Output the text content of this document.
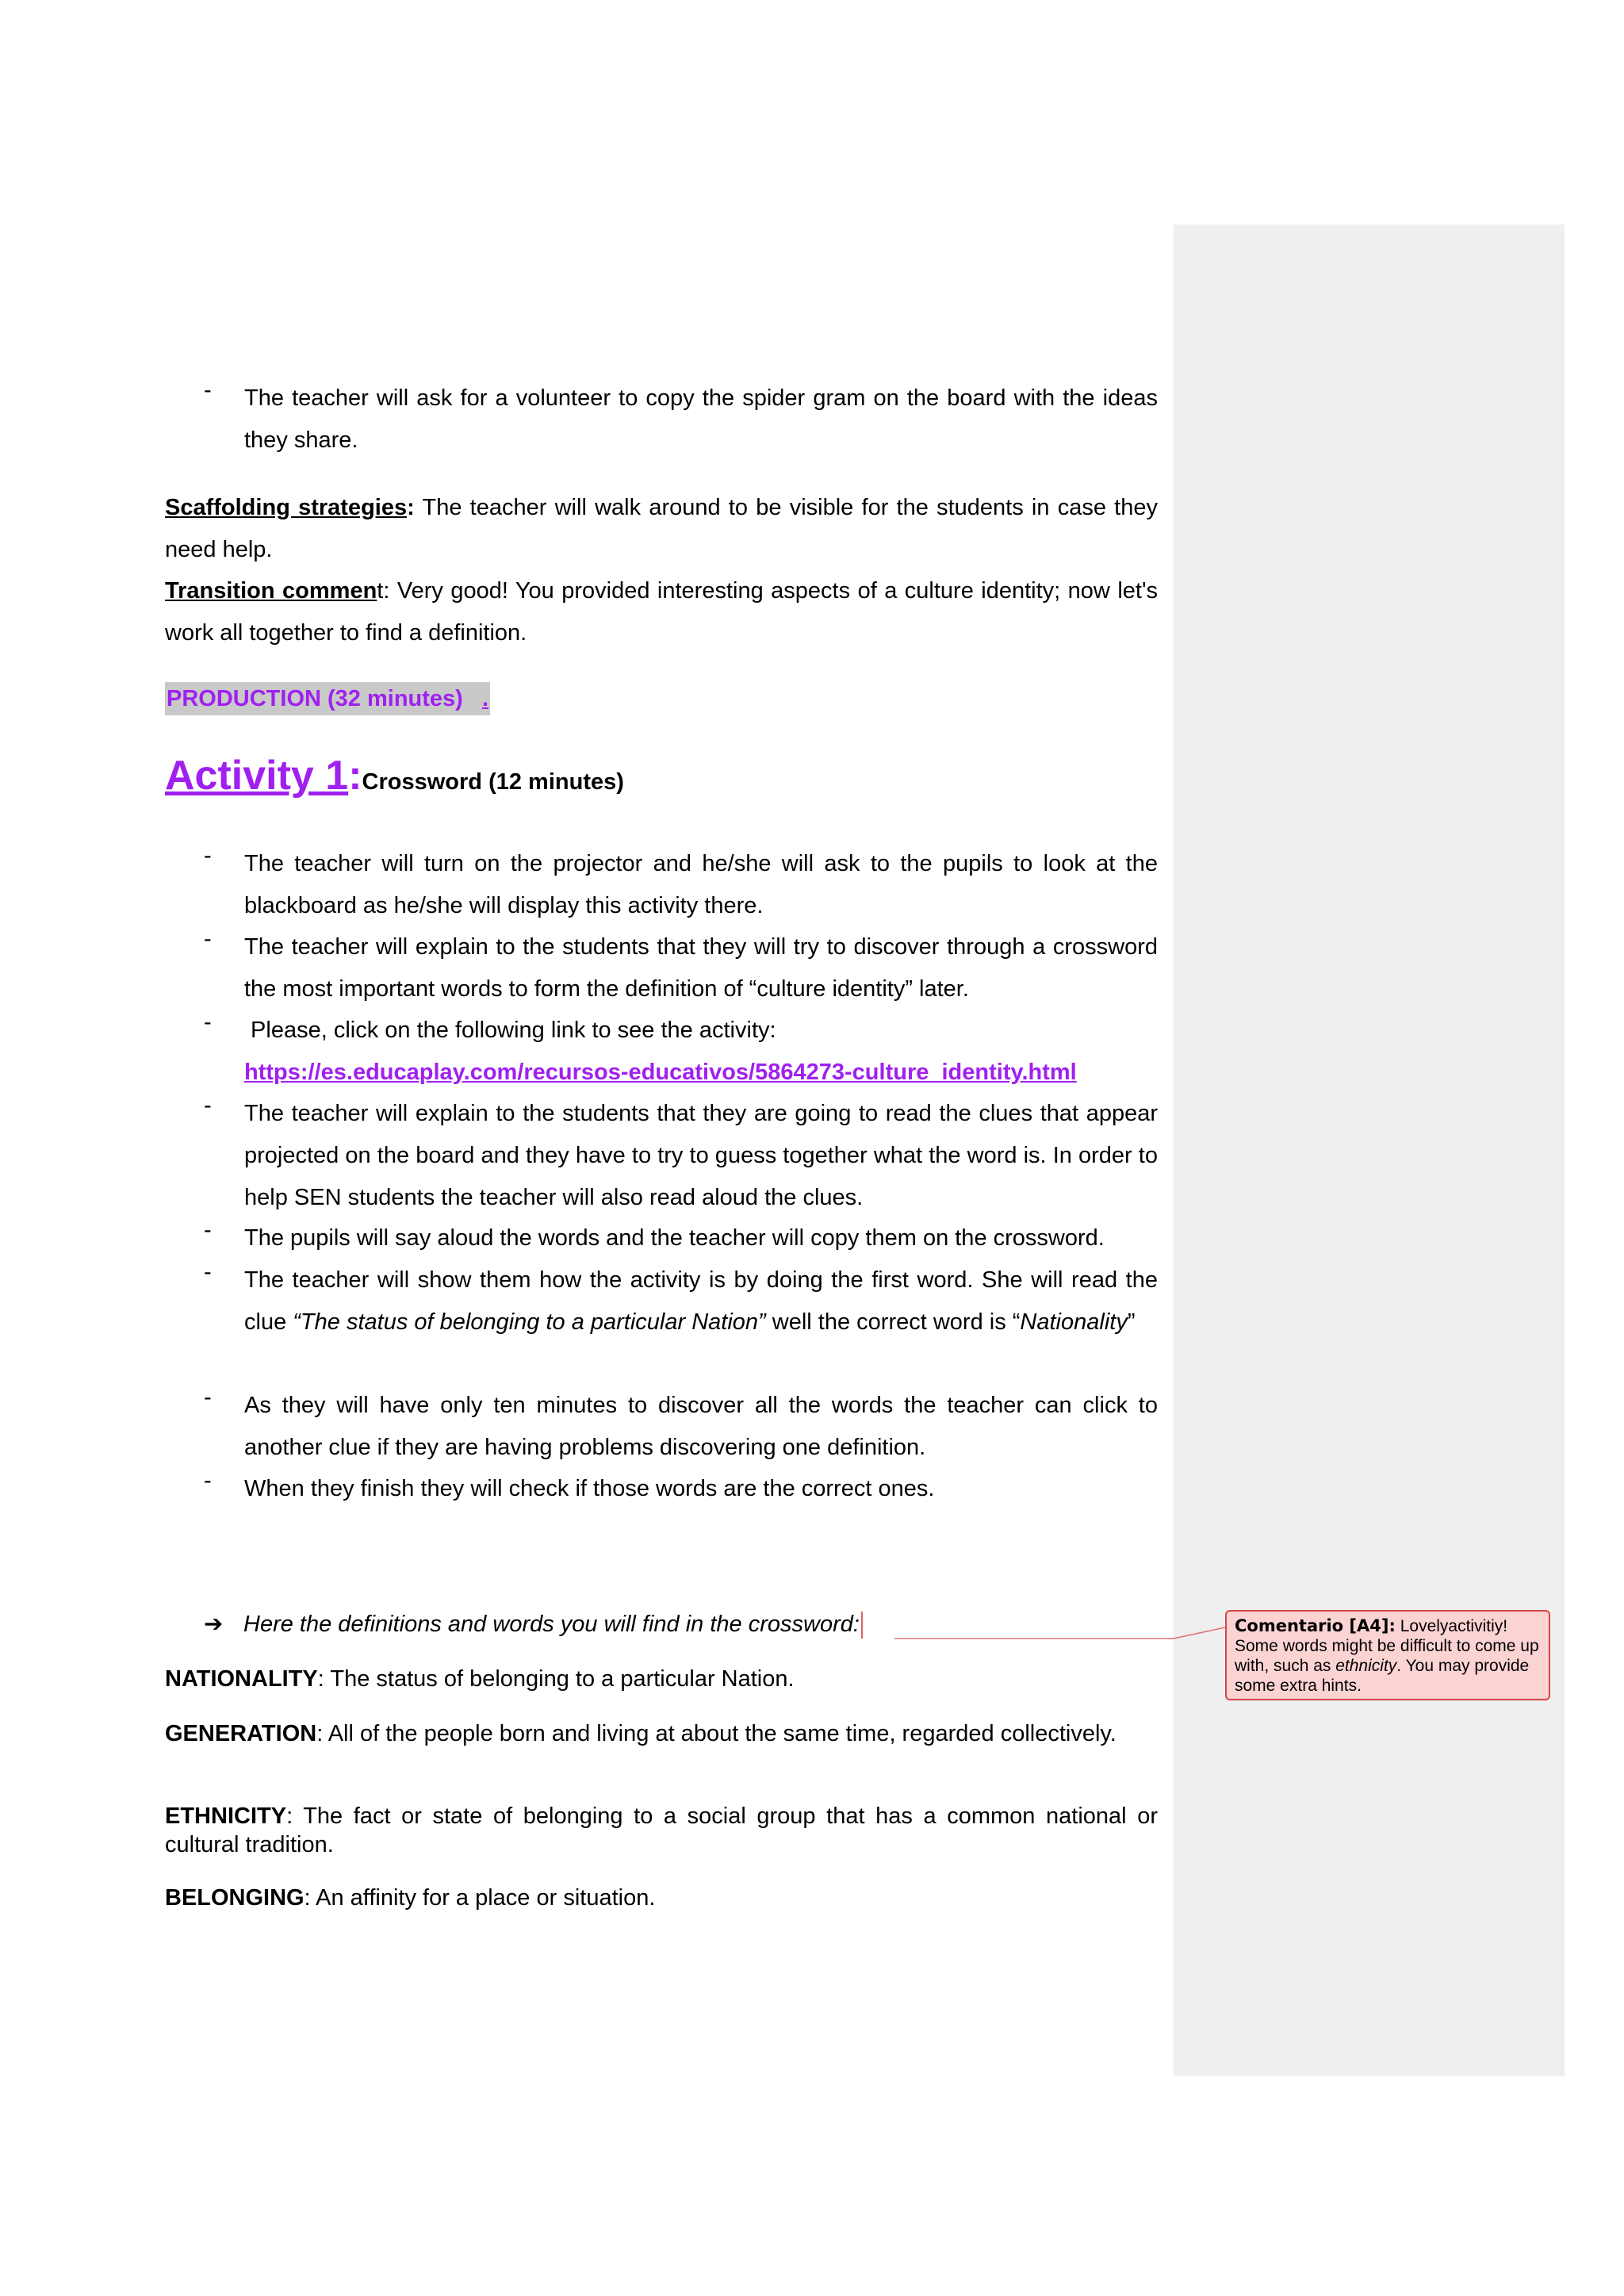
-	The teacher will ask for a volunteer to copy the spider gram on the board with the ideas they share.
Scaffolding strategies: The teacher will walk around to be visible for the students in case they need help.
Transition comment: Very good! You provided interesting aspects of a culture identity; now let's work all together to find a definition.
PRODUCTION (32 minutes)   .
Activity 1:Crossword (12 minutes)
-	The teacher will turn on the projector and he/she will ask to the pupils to look at the blackboard as he/she will display this activity there.
-	The teacher will explain to the students that they will try to discover through a crossword the most important words to form the definition of “culture identity” later.
-	Please, click on the following link to see the activity:
https://es.educaplay.com/recursos-educativos/5864273-culture_identity.html
-	The teacher will explain to the students that they are going to read the clues that appear projected on the board and they have to try to guess together what the word is. In order to help SEN students the teacher will also read aloud the clues.
-	The pupils will say aloud the words and the teacher will copy them on the crossword.
-	The teacher will show them how the activity is by doing the first word. She will read the clue “The status of belonging to a particular Nation” well the correct word is “Nationality”
-	As they will have only ten minutes to discover all the words the teacher can click to another clue if they are having problems discovering one definition.
-	When they finish they will check if those words are the correct ones.
➔ Here the definitions and words you will find in the crossword:
NATIONALITY: The status of belonging to a particular Nation.
GENERATION: All of the people born and living at about the same time, regarded collectively.
ETHNICITY: The fact or state of belonging to a social group that has a common national or cultural tradition.
BELONGING: An affinity for a place or situation.
Comentario [A4]: Lovelyactivitiy! Some words might be difficult to come up with, such as ethnicity. You may provide some extra hints.
